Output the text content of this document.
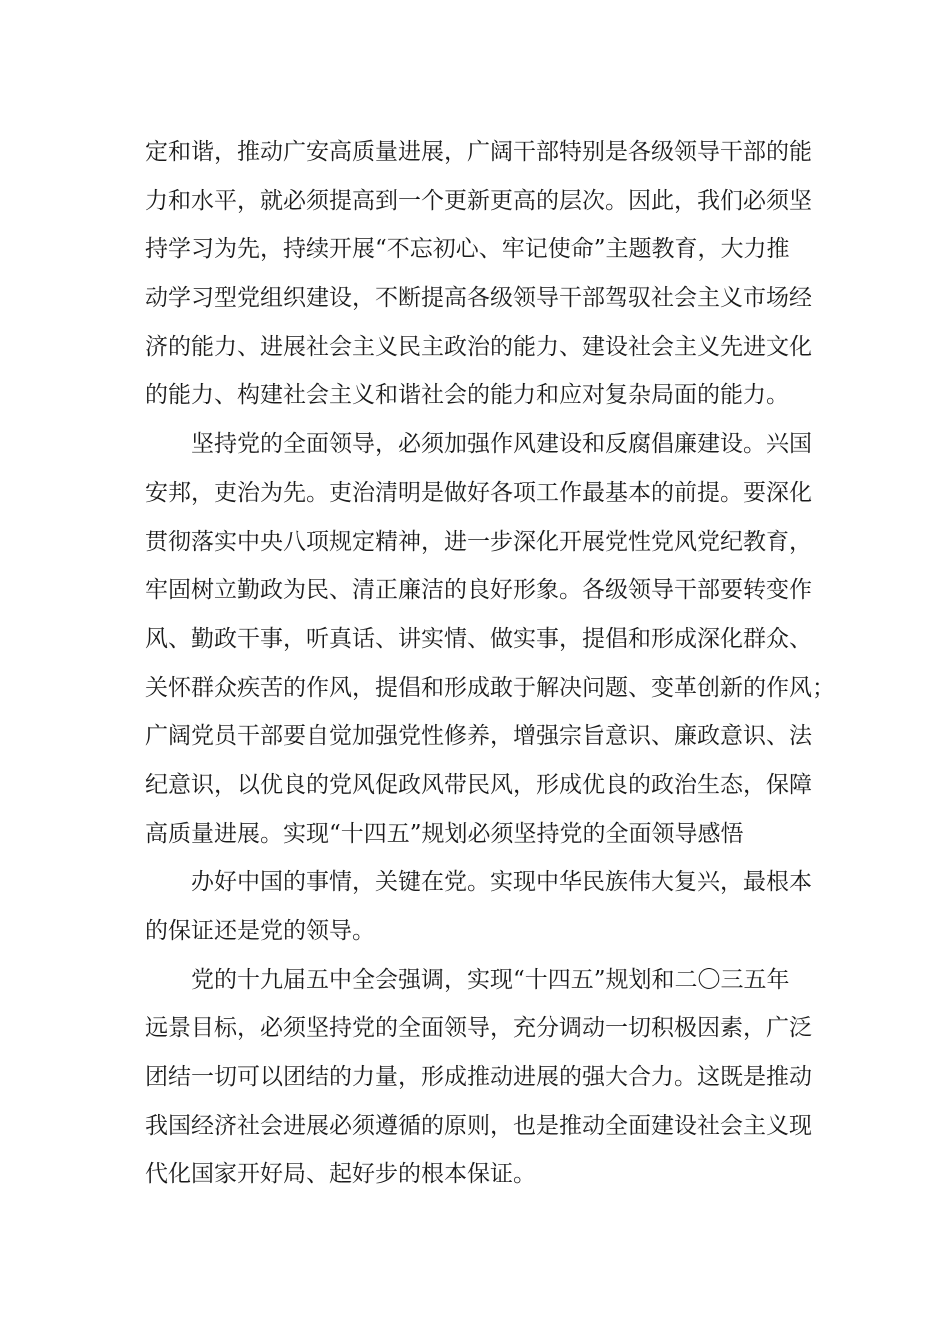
定和谐，推动广安高质量进展，广阔干部特别是各级领导干部的能
力和水平，就必须提高到一个更新更高的层次。因此，我们必须坚
持学习为先，持续开展“不忘初心、牢记使命”主题教育，大力推
动学习型党组织建设，不断提高各级领导干部驾驭社会主义市场经
济的能力、进展社会主义民主政治的能力、建设社会主义先进文化
的能力、构建社会主义和谐社会的能力和应对复杂局面的能力。
坚持党的全面领导，必须加强作风建设和反腐倡廉建设。兴国
安邦，吏治为先。吏治清明是做好各项工作最基本的前提。要深化
贯彻落实中央八项规定精神，进一步深化开展党性党风党纪教育，
牢固树立勤政为民、清正廉洁的良好形象。各级领导干部要转变作
风、勤政干事，听真话、讲实情、做实事，提倡和形成深化群众、
关怀群众疾苦的作风，提倡和形成敢于解决问题、变革创新的作风；
广阔党员干部要自觉加强党性修养，增强宗旨意识、廉政意识、法
纪意识，以优良的党风促政风带民风，形成优良的政治生态，保障
高质量进展。实现“十四五”规划必须坚持党的全面领导感悟
办好中国的事情，关键在党。实现中华民族伟大复兴，最根本
的保证还是党的领导。
党的十九届五中全会强调，实现“十四五”规划和二〇三五年
远景目标，必须坚持党的全面领导，充分调动一切积极因素，广泛
团结一切可以团结的力量，形成推动进展的强大合力。这既是推动
我国经济社会进展必须遵循的原则，也是推动全面建设社会主义现
代化国家开好局、起好步的根本保证。
